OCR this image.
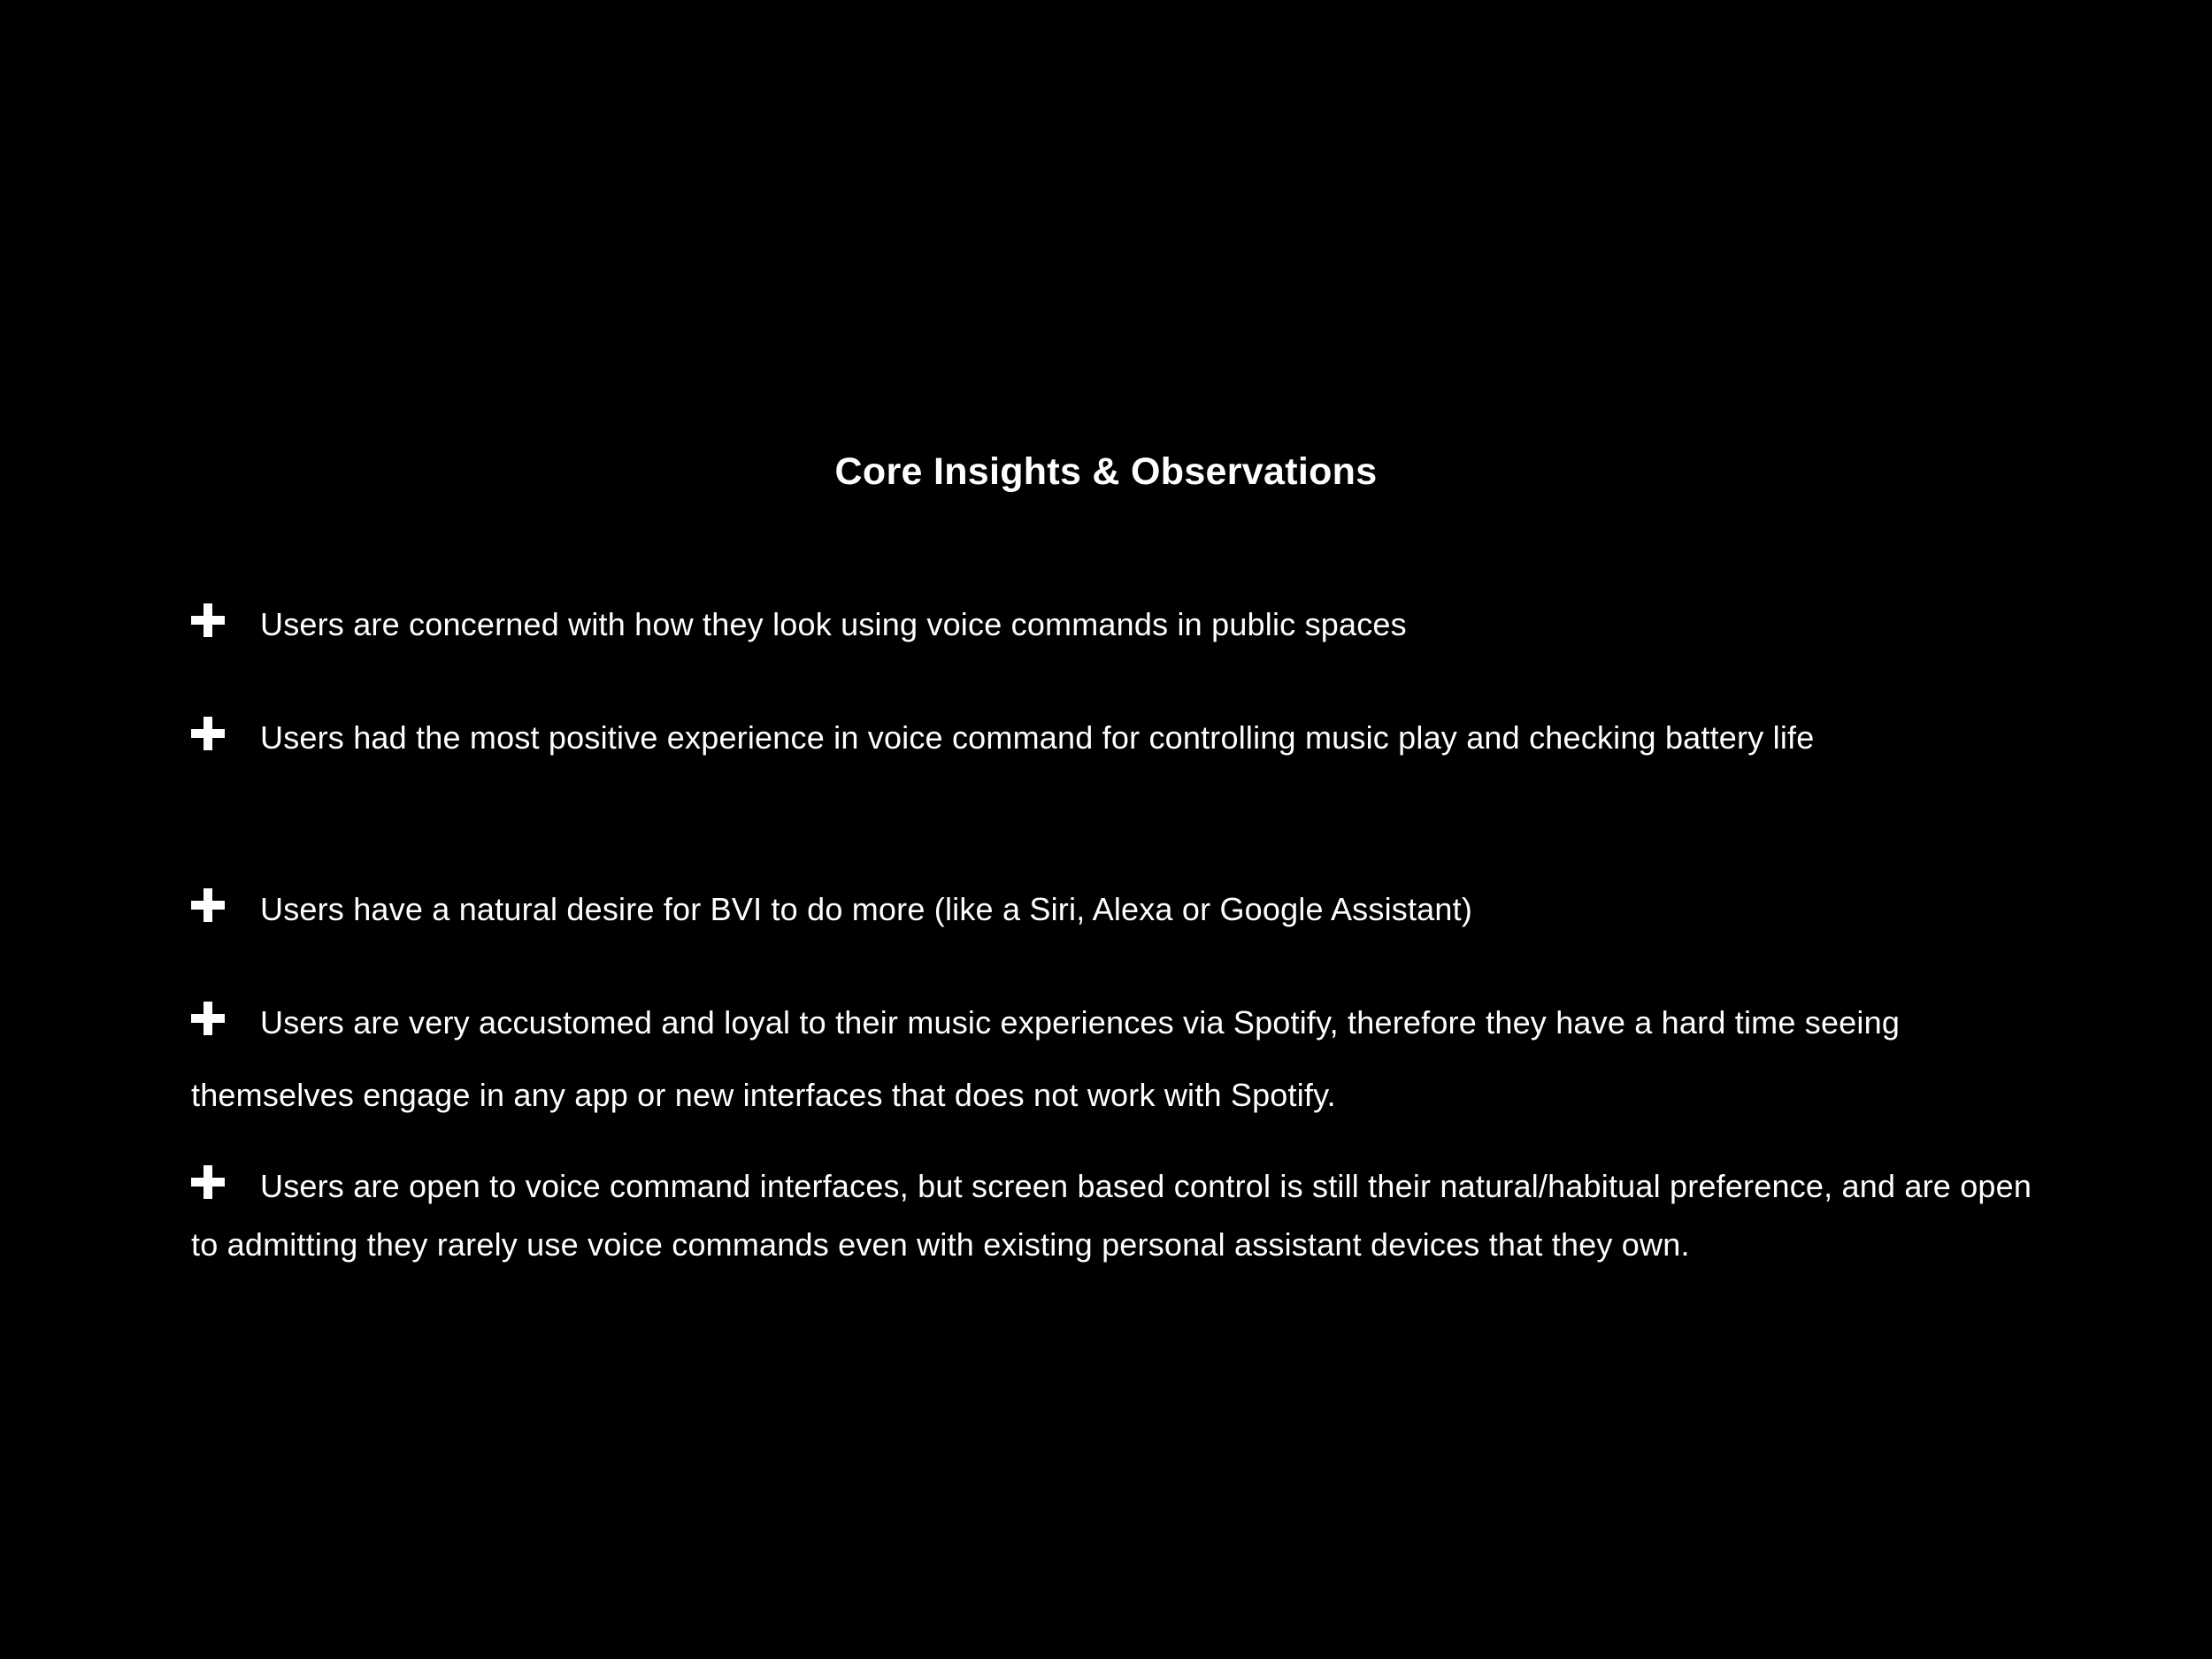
Core Insights & Observations
Users are concerned with how they look using voice commands in public spaces
Users had the most positive experience in voice command for controlling music play and checking battery life
Users have a natural desire for BVI to do more (like a Siri, Alexa or Google Assistant)
Users are very accustomed and loyal to their music experiences via Spotify, therefore they have a hard time seeing themselves engage in any app or new interfaces that does not work with Spotify.
Users are open to voice command interfaces, but screen based control is still their natural/habitual preference, and are open to admitting they rarely use voice commands even with existing personal assistant devices that they own.
